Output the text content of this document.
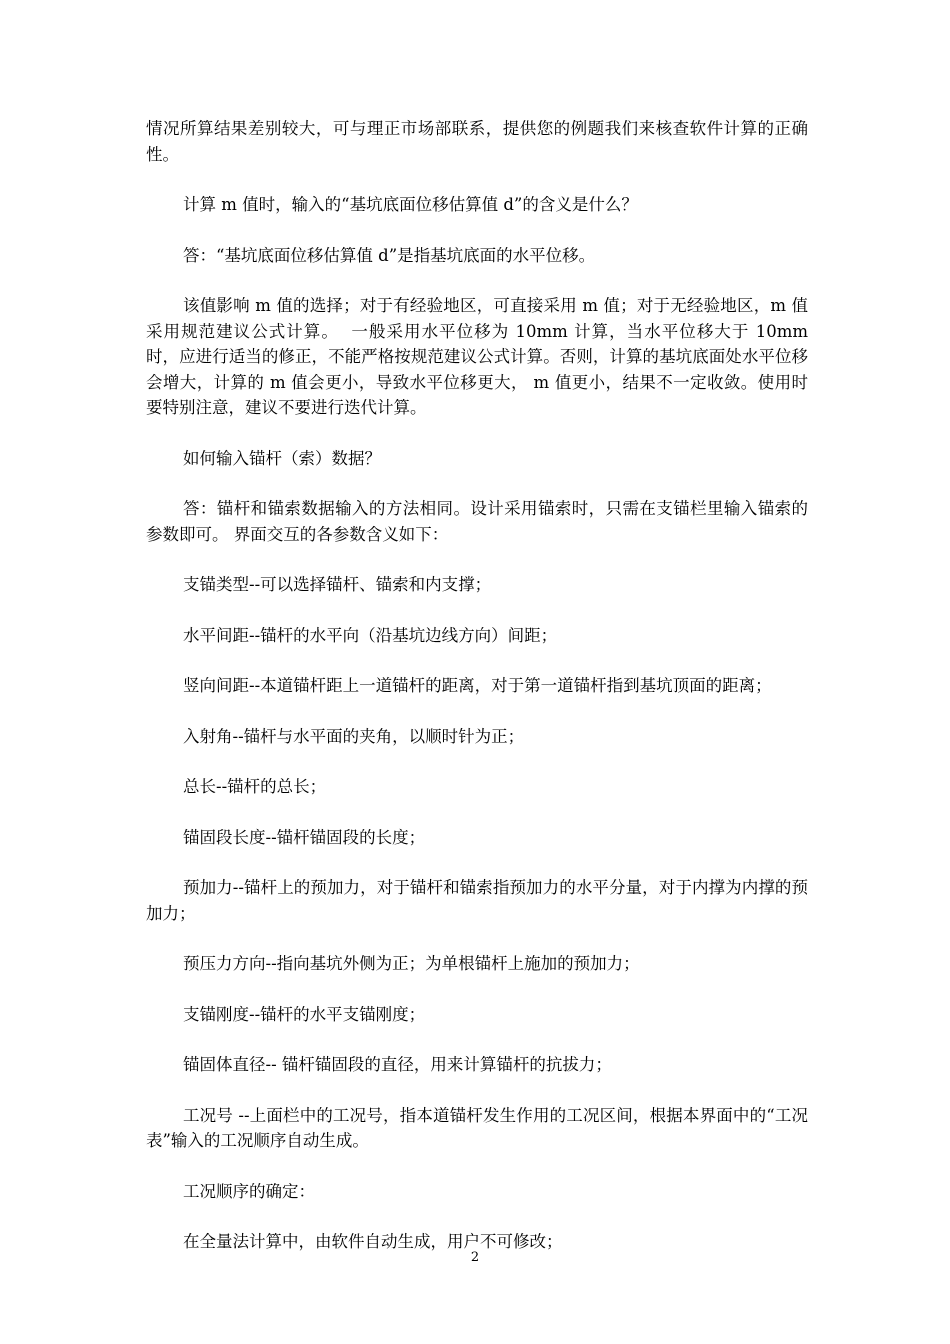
情况所算结果差别较大，可与理正市场部联系，提供您的例题我们来核查软件计算的正确性。

计算 m 值时，输入的“基坑底面位移估算值 d”的含义是什么？

答：“基坑底面位移估算值 d”是指基坑底面的水平位移。

该值影响 m 值的选择；对于有经验地区，可直接采用 m 值；对于无经验地区，m 值采用规范建议公式计算。  一般采用水平位移为 10mm 计算，当水平位移大于 10mm 时，应进行适当的修正，不能严格按规范建议公式计算。否则，计算的基坑底面处水平位移会增大，计算的 m 值会更小，导致水平位移更大， m 值更小，结果不一定收敛。使用时要特别注意，建议不要进行迭代计算。

如何输入锚杆（索）数据？

答：锚杆和锚索数据输入的方法相同。设计采用锚索时，只需在支锚栏里输入锚索的参数即可。 界面交互的各参数含义如下：

支锚类型--可以选择锚杆、锚索和内支撑；

水平间距--锚杆的水平向（沿基坑边线方向）间距；

竖向间距--本道锚杆距上一道锚杆的距离，对于第一道锚杆指到基坑顶面的距离；

入射角--锚杆与水平面的夹角，以顺时针为正；

总长--锚杆的总长；

锚固段长度--锚杆锚固段的长度；

预加力--锚杆上的预加力，对于锚杆和锚索指预加力的水平分量，对于内撑为内撑的预加力；

预压力方向--指向基坑外侧为正；为单根锚杆上施加的预加力；

支锚刚度--锚杆的水平支锚刚度；

锚固体直径-- 锚杆锚固段的直径，用来计算锚杆的抗拔力；

工况号 --上面栏中的工况号，指本道锚杆发生作用的工况区间，根据本界面中的“工况表”输入的工况顺序自动生成。

工况顺序的确定：

在全量法计算中，由软件自动生成，用户不可修改；

2
